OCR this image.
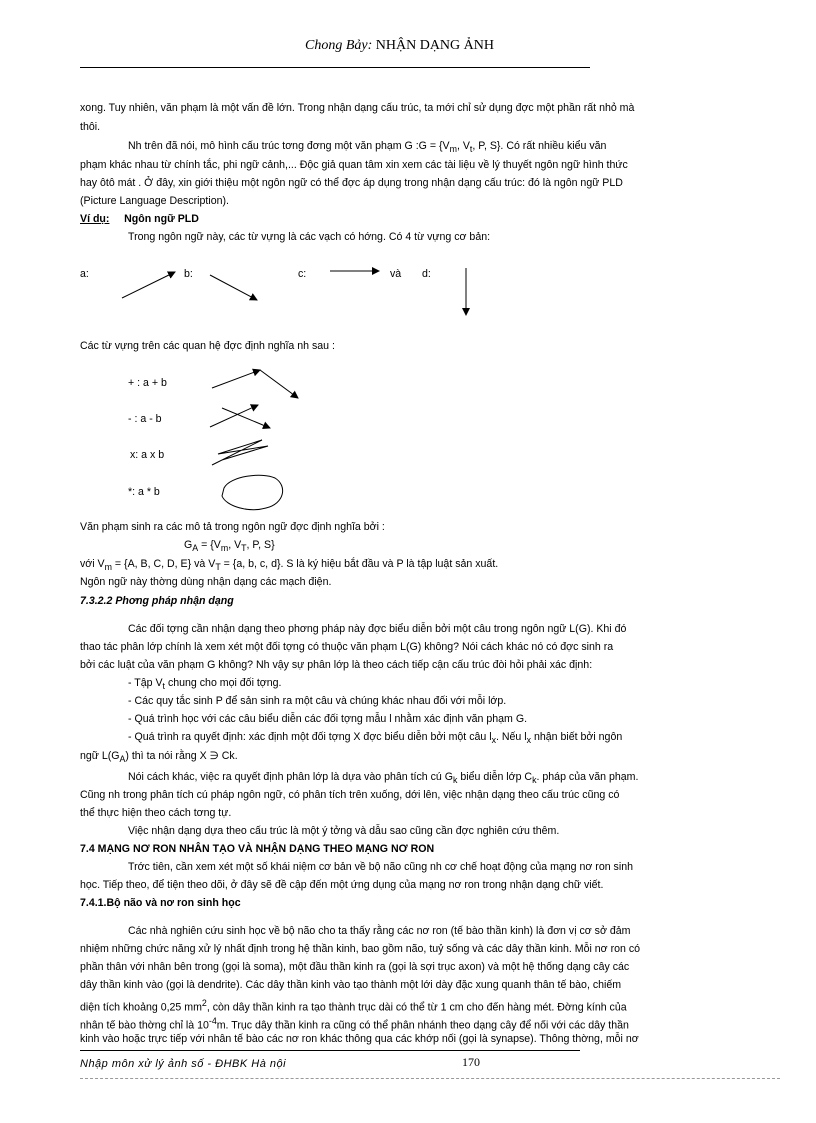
Chong Bảy: NHẬN DẠNG ẢNH
xong. Tuy nhiên, văn phạm là một vấn đề lớn. Trong nhận dạng cấu trúc, ta mới chỉ sử dụng đợc một phần rất nhỏ mà
thôi.
Nh trên đã nói, mô hình cấu trúc tơng đơng một văn phạm G :G = {$V_m$, $V_t$, P, S}. Có rất nhiều kiểu văn
phạm khác nhau từ chính tắc, phi ngữ cảnh,... Độc giả quan tâm xin xem các tài liệu về lý thuyết ngôn ngữ hình thức
hay ôtô mát . Ở đây, xin giới thiệu một ngôn ngữ có thể đợc áp dụng trong nhận dạng cấu trúc: đó là ngôn ngữ PLD
(Picture Language Description).
Ví dụ: Ngôn ngữ PLD
Trong ngôn ngữ này, các từ vựng là các vạch có hớng. Có 4 từ vựng cơ bản:
a:	b:	c:	và d:
Các từ vựng trên các quan hệ đợc định nghĩa nh sau :
+ : a + b
- : a - b
x: a x b
*: a * b
Văn phạm sinh ra các mô tả trong ngôn ngữ đợc định nghĩa bởi :
$G_A = \{V_m$, $V_T$, P, S}
với $V_m = \{A$, B, C, D, E} và $V_T = \{a$, b, c, d}. S là ký hiệu bắt đầu và P là tập luật sản xuất.
Ngôn ngữ này thờng dùng nhận dạng các mạch điện.
7.3.2.2 Phơng pháp nhận dạng
Các đối tợng cần nhận dạng theo phơng pháp này đợc biểu diễn bởi một câu trong ngôn ngữ L(G). Khi đó
thao tác phân lớp chính là xem xét một đối tợng có thuộc văn phạm L(G) không? Nói cách khác nó có đợc sinh ra
bởi các luật của văn phạm G không? Nh vậy sự phân lớp là theo cách tiếp cận cấu trúc đòi hỏi phải xác định:
- Tập $V_t$ chung cho mọi đối tợng.
- Các quy tắc sinh P để sản sinh ra một câu và chúng khác nhau đối với mỗi lớp.
- Quá trình học với các câu biểu diễn các đối tợng mẫu l nhằm xác định văn phạm G.
- Quá trình ra quyết định: xác định một đối tợng X đợc biểu diễn bởi một câu $l_x$. Nếu $l_x$ nhận biết bởi ngôn
ngữ $L(G_A)$ thì ta nói rằng X ∋ Ck.
Nói cách khác, việc ra quyết định phân lớp là dựa vào phân tích cú $G_k$ biểu diễn lớp $C_k$. pháp của văn phạm.
Cũng nh trong phân tích cú pháp ngôn ngữ, có phân tích trên xuống, dới lên, việc nhận dạng theo cấu trúc cũng có
thể thực hiện theo cách tơng tự.
Việc nhận dạng dựa theo cấu trúc là một ý tởng và dẫu sao cũng cần đợc nghiên cứu thêm.
7.4 MẠNG NƠ RON NHÂN TẠO VÀ NHẬN DẠNG THEO MẠNG NƠ RON
Trớc tiên, cần xem xét một số khái niệm cơ bản về bộ não cũng nh cơ chế hoạt động của mạng nơ ron sinh
học. Tiếp theo, để tiện theo dõi, ở đây sẽ đề cập đến một ứng dụng của mạng nơ ron trong nhận dạng chữ viết.
7.4.1.Bộ não và nơ ron sinh học
Các nhà nghiên cứu sinh học về bộ não cho ta thấy rằng các nơ ron (tế bào thần kinh) là đơn vị cơ sở đảm
nhiệm những chức năng xử lý nhất định trong hệ thần kinh, bao gồm não, tuỷ sống và các dây thần kinh. Mỗi nơ ron có
phần thân với nhân bên trong (gọi là soma), một đầu thần kinh ra (gọi là sợi trục axon) và một hệ thống dạng cây các
dây thần kinh vào (gọi là dendrite). Các dây thần kinh vào tạo thành một lới dày đặc xung quanh thân tế bào, chiếm
diện tích khoảng 0,25 $mm^2$, còn dây thần kinh ra tạo thành trục dài có thể từ 1 cm cho đến hàng mét. Đờng kính của
nhân tế bào thờng chỉ là $10^{-4}m$. Trục dây thần kinh ra cũng có thể phân nhánh theo dạng cây để nối với các dây thần
kinh vào hoặc trực tiếp với nhân tế bào các nơ ron khác thông qua các khớp nối (gọi là synapse). Thông thờng, mỗi nơ
Nhập môn xử lý ảnh số - ĐHBK Hà nội	170
